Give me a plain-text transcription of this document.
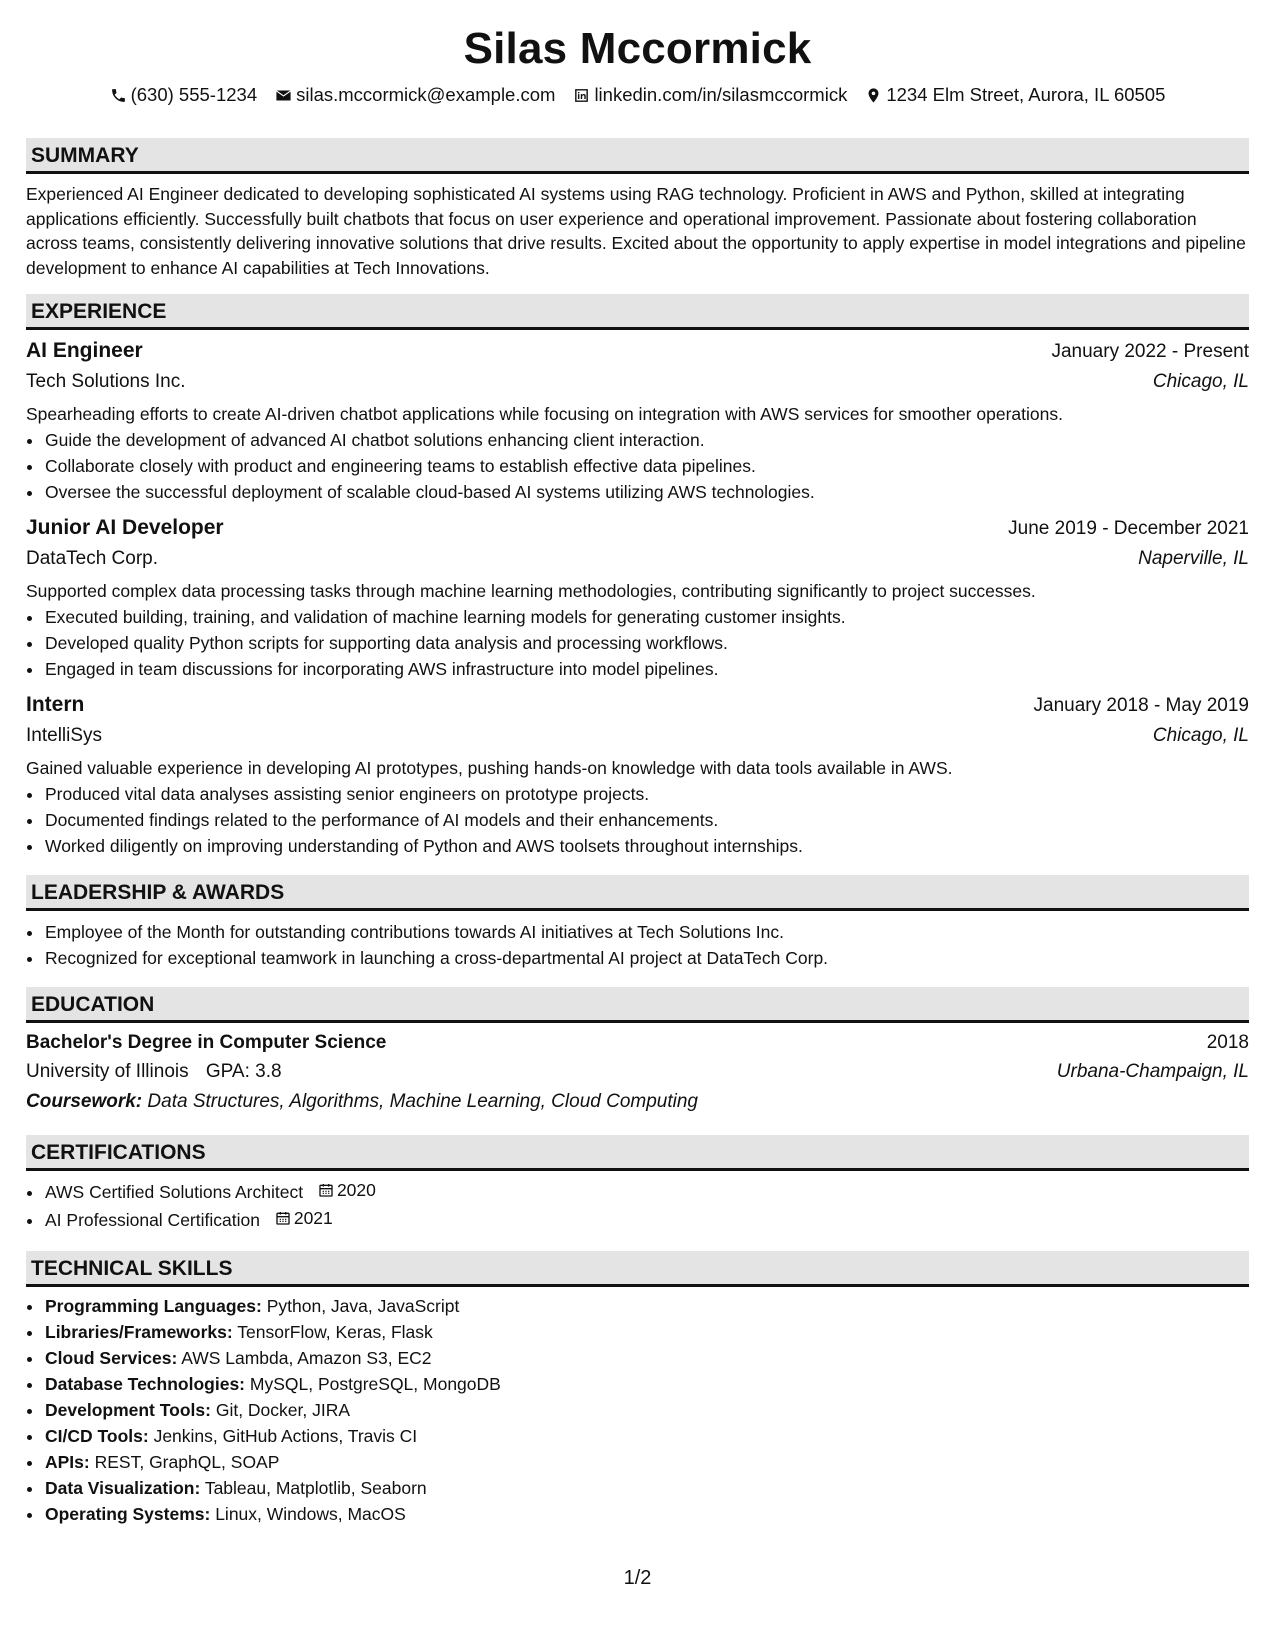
Silas Mccormick
(630) 555-1234 silas.mccormick@example.com linkedin.com/in/silasmccormick 1234 Elm Street, Aurora, IL 60505
SUMMARY

Experienced AI Engineer dedicated to developing sophisticated AI systems using RAG technology. Proficient in AWS and Python, skilled at integrating applications efficiently. Successfully built chatbots that focus on user experience and operational improvement. Passionate about fostering collaboration across teams, consistently delivering innovative solutions that drive results. Excited about the opportunity to apply expertise in model integrations and pipeline development to enhance AI capabilities at Tech Innovations.

EXPERIENCE
AI Engineer	January 2022 - Present
Tech Solutions Inc.	Chicago, IL
Spearheading efforts to create AI-driven chatbot applications while focusing on integration with AWS services for smoother operations.
• Guide the development of advanced AI chatbot solutions enhancing client interaction.
• Collaborate closely with product and engineering teams to establish effective data pipelines.
• Oversee the successful deployment of scalable cloud-based AI systems utilizing AWS technologies.
Junior AI Developer	June 2019 - December 2021
DataTech Corp.	Naperville, IL
Supported complex data processing tasks through machine learning methodologies, contributing significantly to project successes.
• Executed building, training, and validation of machine learning models for generating customer insights.
• Developed quality Python scripts for supporting data analysis and processing workflows.
• Engaged in team discussions for incorporating AWS infrastructure into model pipelines.
Intern	January 2018 - May 2019
IntelliSys	Chicago, IL
Gained valuable experience in developing AI prototypes, pushing hands-on knowledge with data tools available in AWS.
• Produced vital data analyses assisting senior engineers on prototype projects.
• Documented findings related to the performance of AI models and their enhancements.
• Worked diligently on improving understanding of Python and AWS toolsets throughout internships.
LEADERSHIP & AWARDS
• Employee of the Month for outstanding contributions towards AI initiatives at Tech Solutions Inc.
• Recognized for exceptional teamwork in launching a cross-departmental AI project at DataTech Corp.
EDUCATION
Bachelor's Degree in Computer Science	2018
University of Illinois GPA: 3.8	Urbana-Champaign, IL
Coursework: Data Structures, Algorithms, Machine Learning, Cloud Computing
CERTIFICATIONS
• AWS Certified Solutions Architect 2020
• AI Professional Certification 2021
TECHNICAL SKILLS
• Programming Languages: Python, Java, JavaScript
• Libraries/Frameworks: TensorFlow, Keras, Flask
• Cloud Services: AWS Lambda, Amazon S3, EC2
• Database Technologies: MySQL, PostgreSQL, MongoDB
• Development Tools: Git, Docker, JIRA
• CI/CD Tools: Jenkins, GitHub Actions, Travis CI
• APIs: REST, GraphQL, SOAP
• Data Visualization: Tableau, Matplotlib, Seaborn
• Operating Systems: Linux, Windows, MacOS
1/2
